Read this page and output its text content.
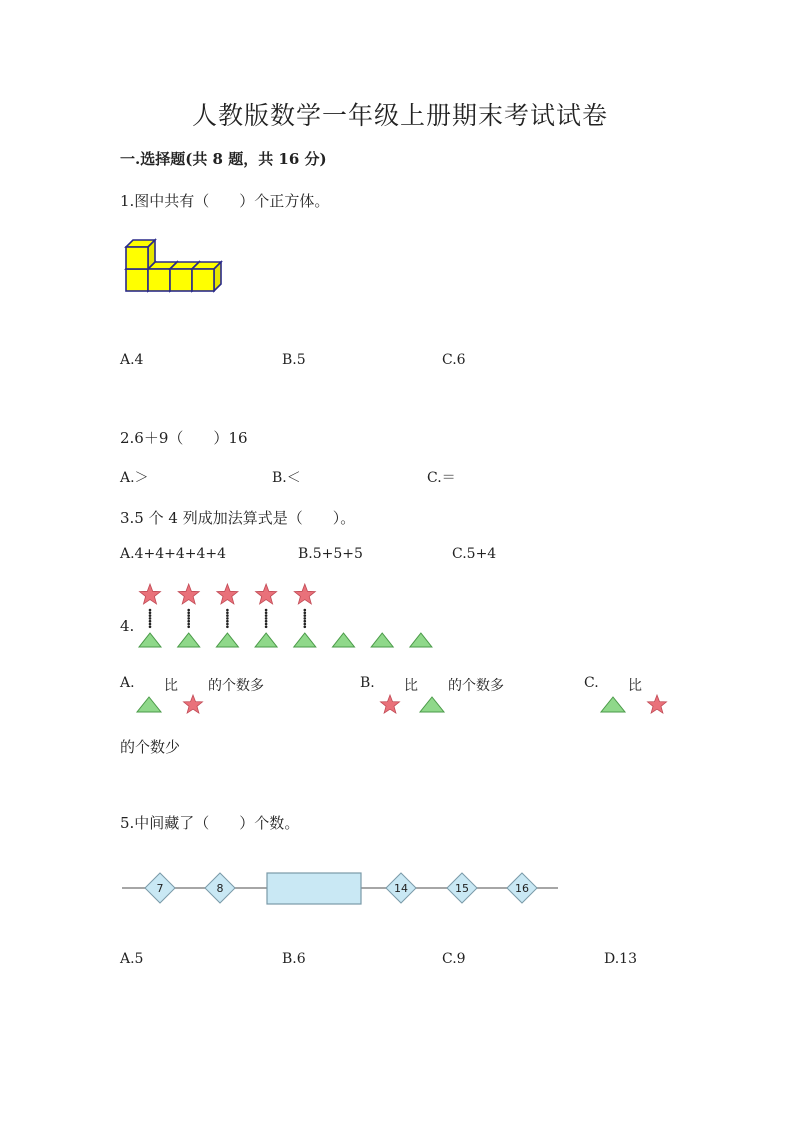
人教版数学一年级上册期末考试试卷
一.选择题(共 8 题，共 16 分)
1.图中共有（　　）个正方体。
A.4	B.5	C.6
2.6＋9（　　）16
A.＞	B.＜	C.＝
3.5 个 4 列成加法算式是（　　）。
A.4+4+4+4+4	B.5+5+5	C.5+4
4.
A. 比 的个数多	B. 比 的个数多	C. 比
的个数少
5.中间藏了（　　）个数。
7	8	14	15	16
A.5	B.6	C.9	D.13
